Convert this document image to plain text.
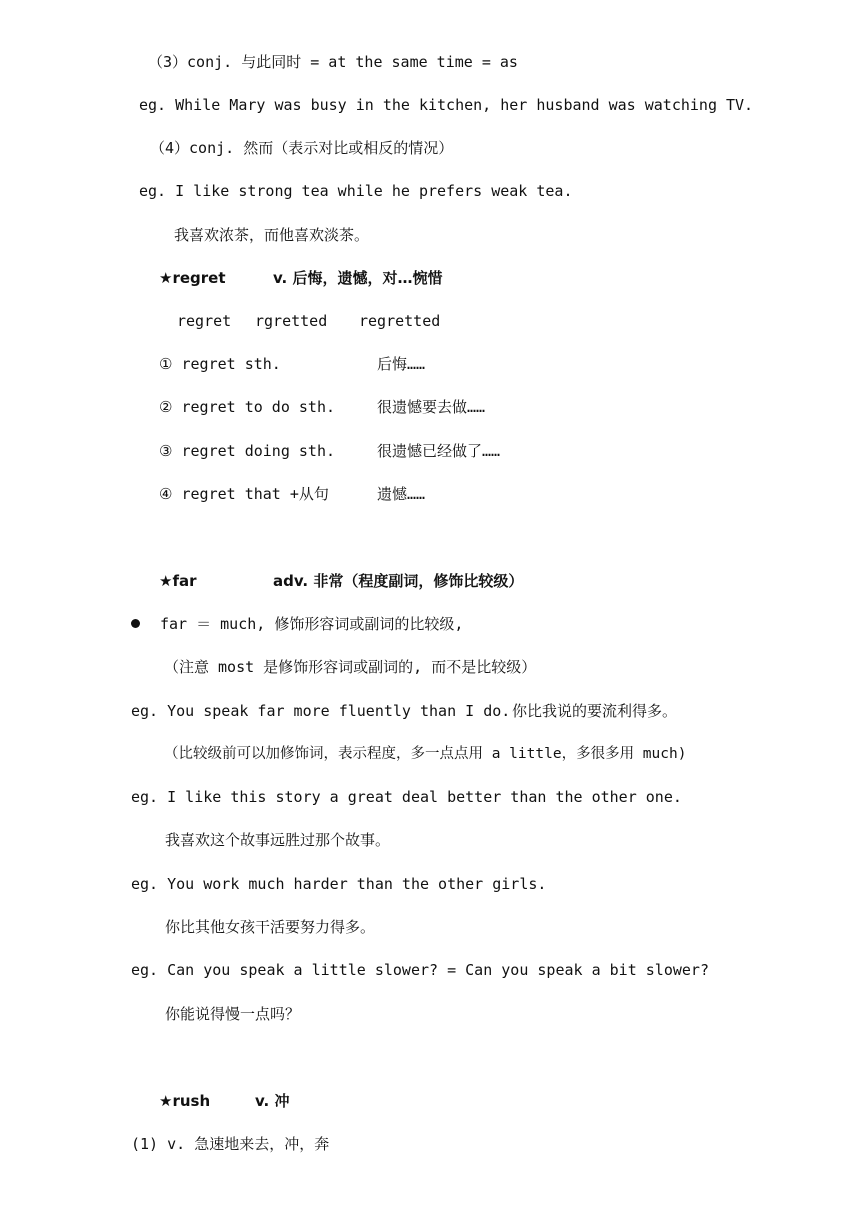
（3）conj. 与此同时 = at the same time = as
eg. While Mary was busy in the kitchen, her husband was watching TV.
（4）conj. 然而（表示对比或相反的情况）
eg. I like strong tea while he prefers weak tea.
我喜欢浓茶，而他喜欢淡茶。
★regret	v. 后悔，遗憾，对…惋惜
regret rgretted regretted
① regret sth.	后悔……
② regret to do sth.	很遗憾要去做……
③ regret doing sth.	很遗憾已经做了……
④ regret that +从句	遗憾……
★far	adv. 非常（程度副词，修饰比较级）
far ＝ much, 修饰形容词或副词的比较级,
（注意 most 是修饰形容词或副词的, 而不是比较级）
eg. You speak far more fluently than I do. 你比我说的要流利得多。
（比较级前可以加修饰词，表示程度，多一点点用 a little，多很多用 much)
eg. I like this story a great deal better than the other one.
我喜欢这个故事远胜过那个故事。
eg. You work much harder than the other girls.
你比其他女孩干活要努力得多。
eg. Can you speak a little slower? = Can you speak a bit slower?
你能说得慢一点吗？
★rush	v. 冲
(1) v. 急速地来去，冲，奔
